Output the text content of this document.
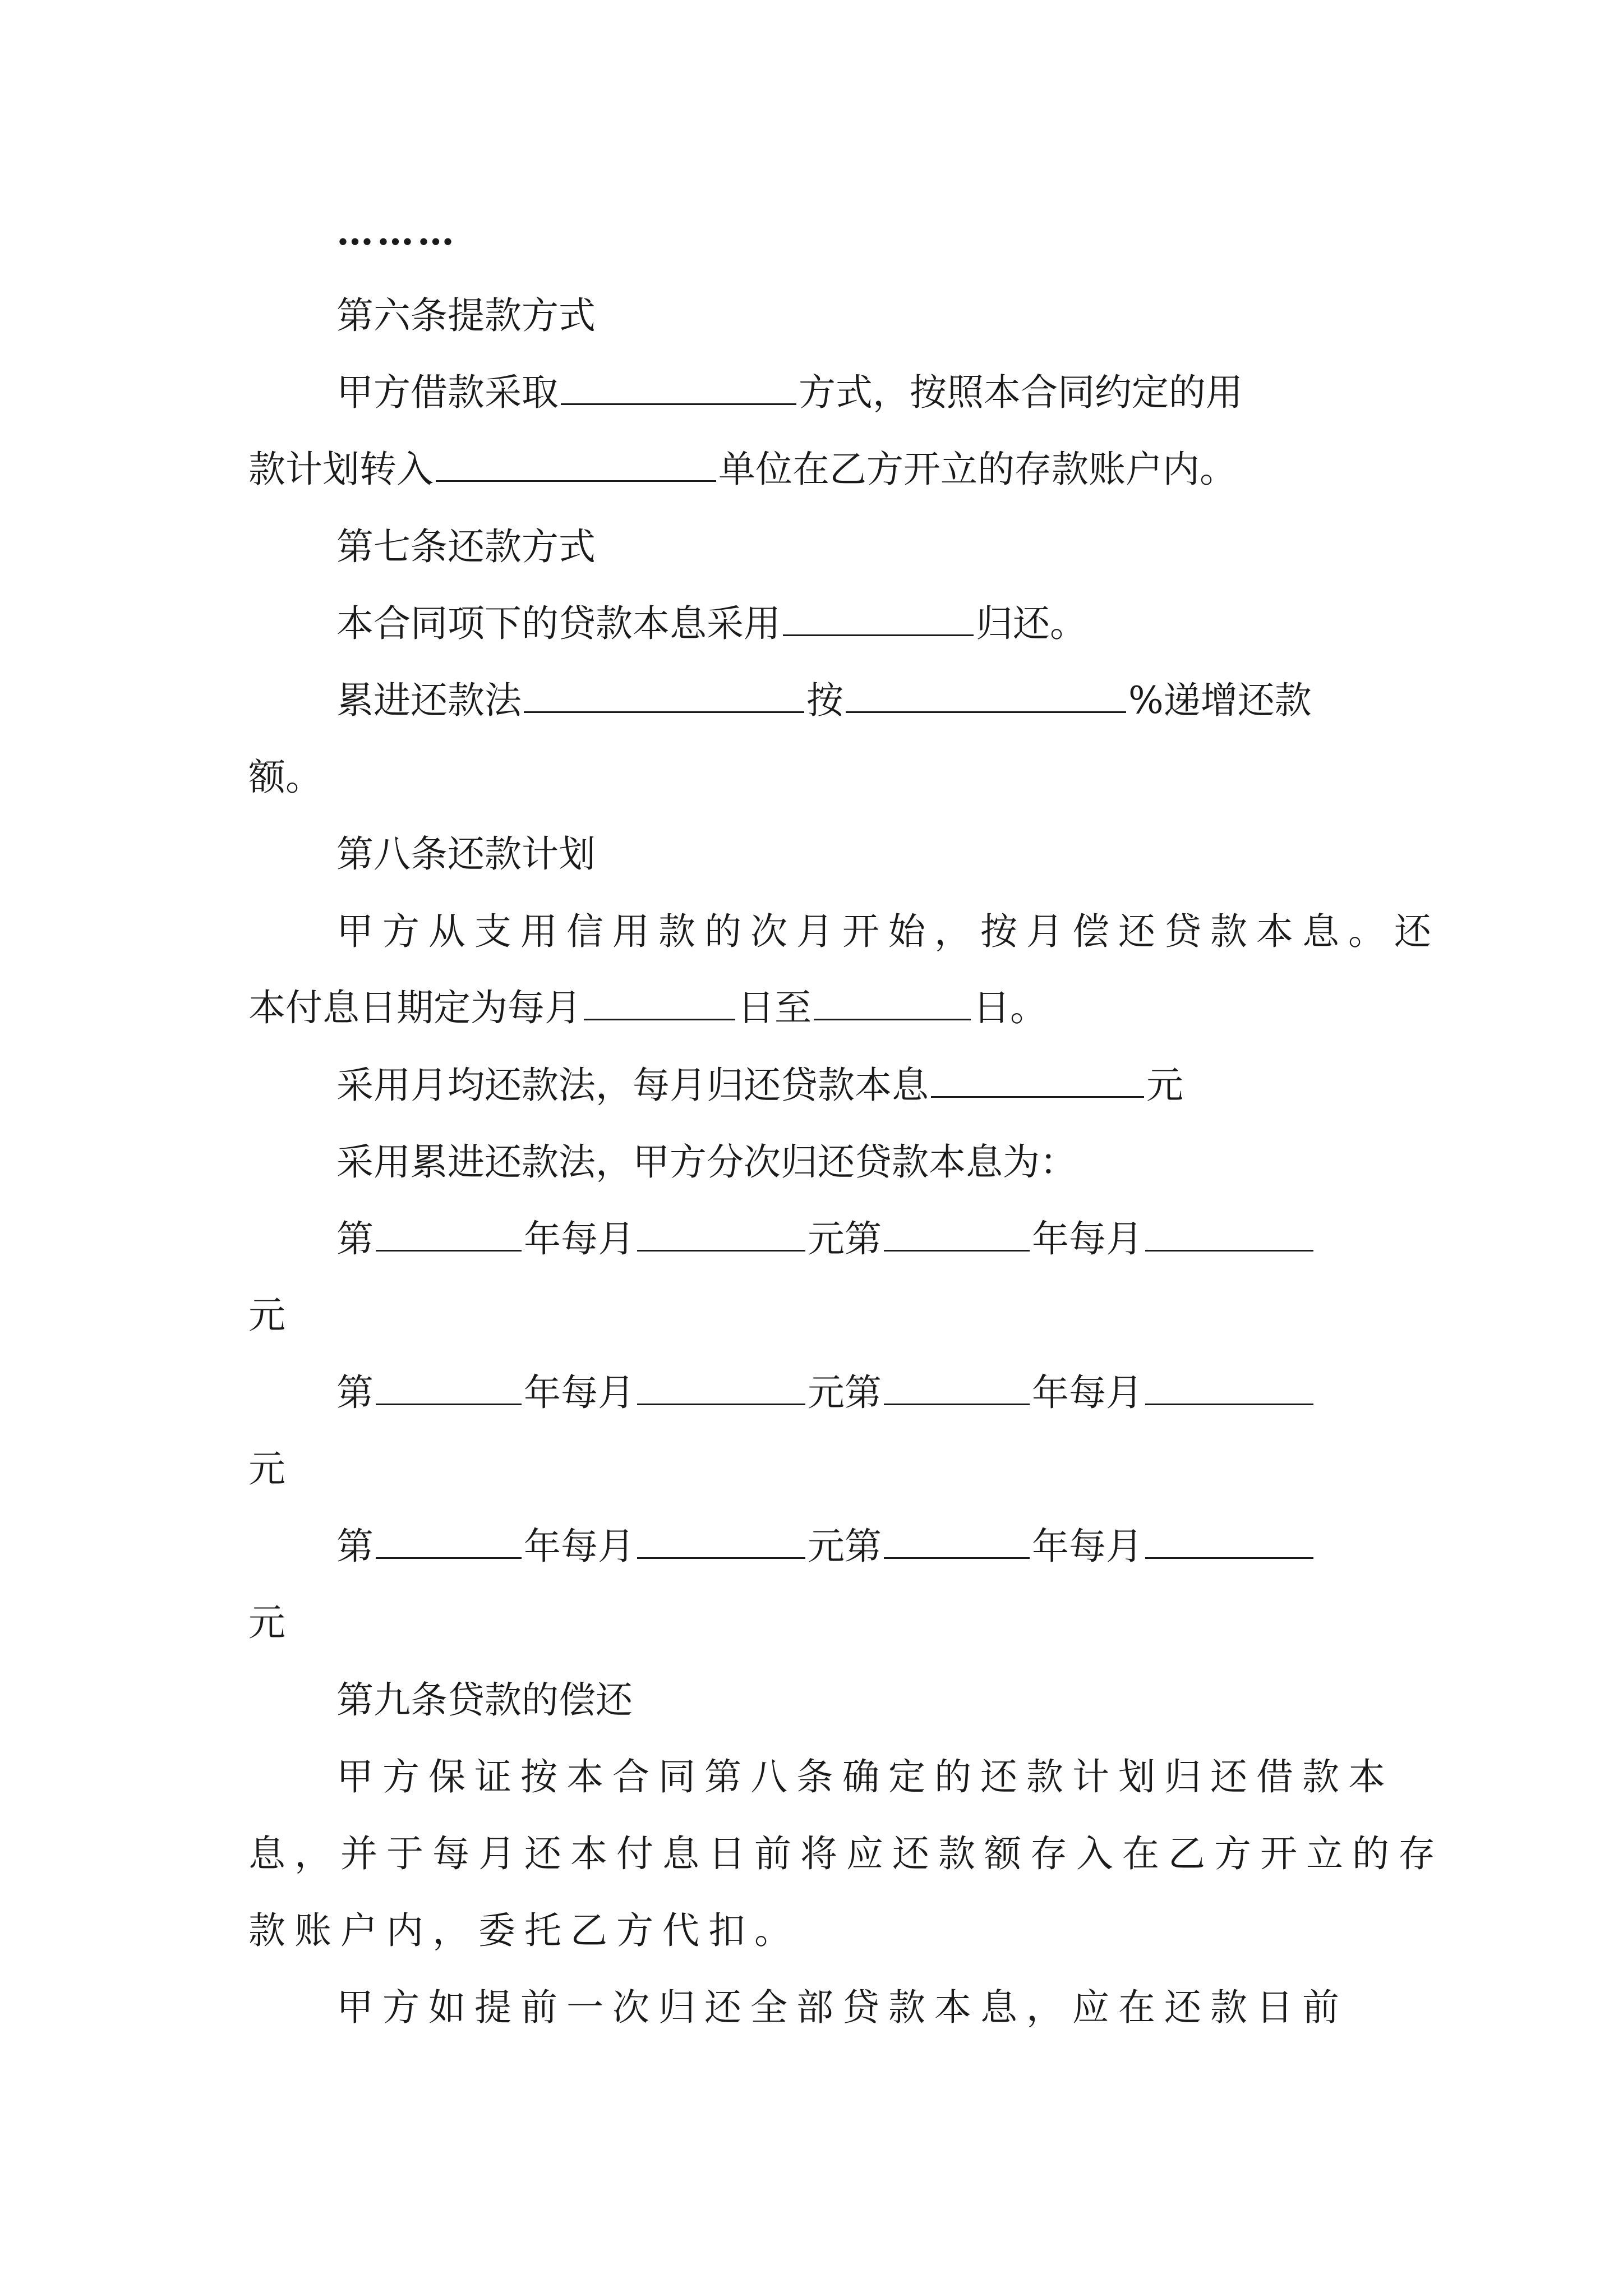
………
第六条提款方式
甲方借款采取	方式，按照本合同约定的用
款计划转入	单位在乙方开立的存款账户内。
第七条还款方式
本合同项下的贷款本息采用	归还。
累进还款法	按	%递增还款
额。
第八条还款计划
甲方从支用信用款的次月开始，按月偿还贷款本息。还
本付息日期定为每月	日至	日。
采用月均还款法，每月归还贷款本息	元
采用累进还款法，甲方分次归还贷款本息为：
第	年每月	元第	年每月
元
第	年每月	元第	年每月
元
第	年每月	元第	年每月
元
第九条贷款的偿还
甲方保证按本合同第八条确定的还款计划归还借款本
息，并于每月还本付息日前将应还款额存入在乙方开立的存
款账户内，委托乙方代扣。
甲方如提前一次归还全部贷款本息，应在还款日前
